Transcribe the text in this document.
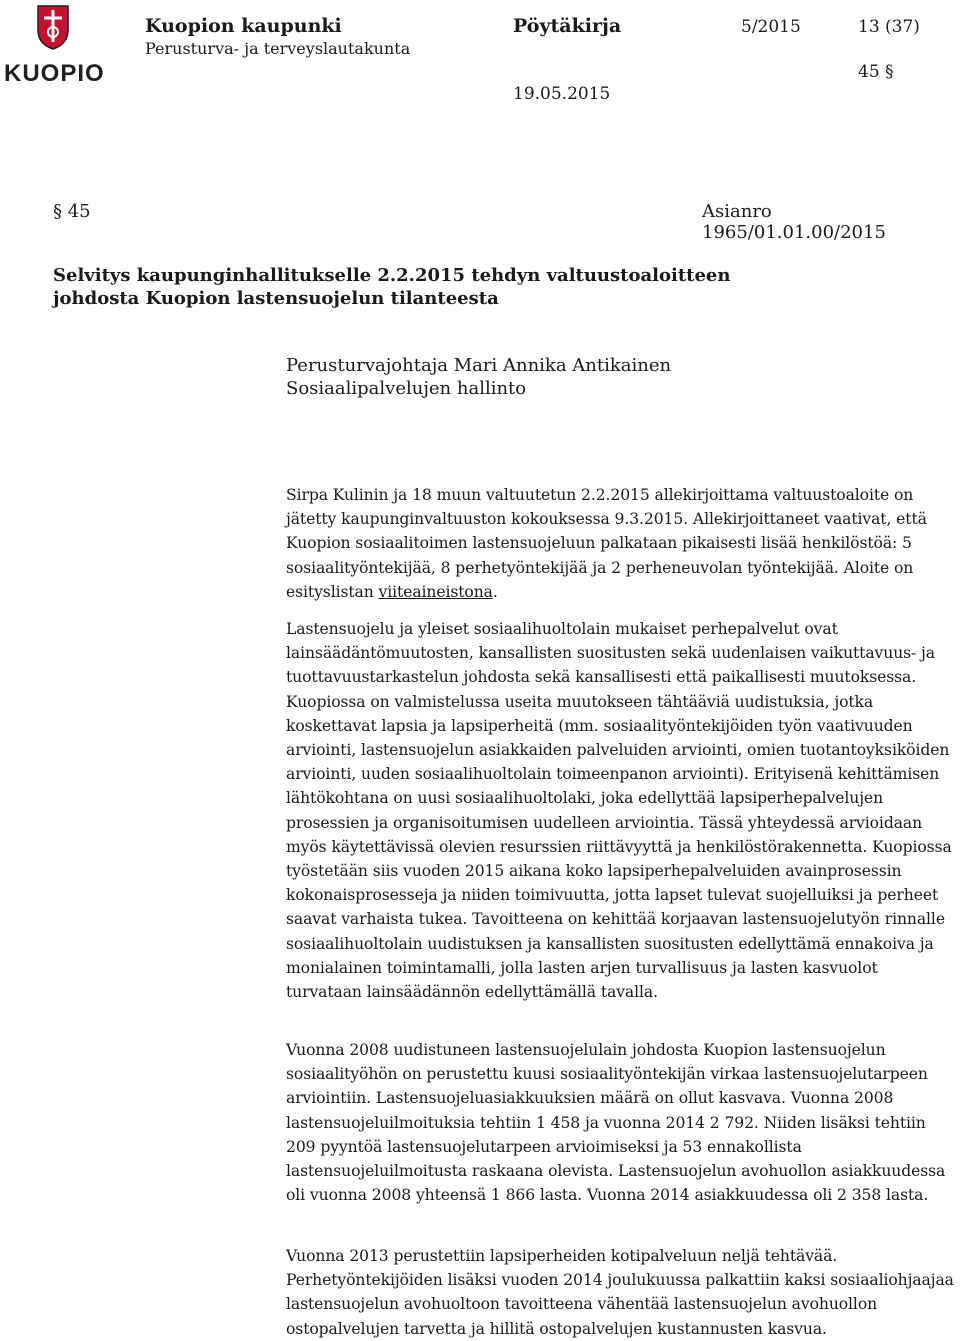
KUOPIO
Kuopion kaupunki
Perusturva- ja terveyslautakunta
Pöytäkirja	5/2015	13 (37)
45 §
19.05.2015
§ 45	Asianro 1965/01.01.00/2015
Selvitys kaupunginhallitukselle 2.2.2015 tehdyn valtuustoaloitteen johdosta Kuopion lastensuojelun tilanteesta
Perusturvajohtaja Mari Annika Antikainen
Sosiaalipalvelujen hallinto

Sirpa Kulinin ja 18 muun valtuutetun 2.2.2015 allekirjoittama valtuustoaloite on jätetty kaupunginvaltuuston kokouksessa 9.3.2015. Allekirjoittaneet vaativat, että Kuopion sosiaalitoimen lastensuojeluun palkataan pikaisesti lisää henkilöstöä: 5 sosiaalityöntekijää, 8 perhetyöntekijää ja 2 perheneuvolan työntekijää. Aloite on esityslistan viiteaineistona.

Lastensuojelu ja yleiset sosiaalihuoltolain mukaiset perhepalvelut ovat lainsäädäntömuutosten, kansallisten suositusten sekä uudenlaisen vaikuttavuus- ja tuottavuustarkastelun johdosta sekä kansallisesti että paikallisesti muutoksessa. Kuopiossa on valmistelussa useita muutokseen tähtääviä uudistuksia, jotka koskettavat lapsia ja lapsiperheitä (mm. sosiaalityöntekijöiden työn vaativuuden arviointi, lastensuojelun asiakkaiden palveluiden arviointi, omien tuotantoyksiköiden arviointi, uuden sosiaalihuoltolain toimeenpanon arviointi). Erityisenä kehittämisen lähtökohtana on uusi sosiaalihuoltolaki, joka edellyttää lapsiperhepalvelujen prosessien ja organisoitumisen uudelleen arviointia. Tässä yhteydessä arvioidaan myös käytettävissä olevien resurssien riittävyyttä ja henkilöstörakennetta. Kuopiossa työstetään siis vuoden 2015 aikana koko lapsiperhepalveluiden avainprosessin kokonaisprosesseja ja niiden toimivuutta, jotta lapset tulevat suojelluiksi ja perheet saavat varhaista tukea. Tavoitteena on kehittää korjaavan lastensuojelutyön rinnalle sosiaalihuoltolain uudistuksen ja kansallisten suositusten edellyttämä ennakoiva ja monialainen toimintamalli, jolla lasten arjen turvallisuus ja lasten kasvuolot turvataan lainsäädännön edellyttämällä tavalla.

Vuonna 2008 uudistuneen lastensuojelulain johdosta Kuopion lastensuojelun sosiaalityöhön on perustettu kuusi sosiaalityöntekijän virkaa lastensuojelutarpeen arviointiin. Lastensuojeluasiakkuuksien määrä on ollut kasvava. Vuonna 2008 lastensuojeluilmoituksia tehtiin 1 458 ja vuonna 2014 2 792. Niiden lisäksi tehtiin 209 pyyntöä lastensuojelutarpeen arvioimiseksi ja 53 ennakollista lastensuojeluilmoitusta raskaana olevista. Lastensuojelun avohuollon asiakkuudessa oli vuonna 2008 yhteensä 1 866 lasta. Vuonna 2014 asiakkuudessa oli 2 358 lasta.

Vuonna 2013 perustettiin lapsiperheiden kotipalveluun neljä tehtävää. Perhetyöntekijöiden lisäksi vuoden 2014 joulukuussa palkattiin kaksi sosiaaliohjaajaa lastensuojelun avohuoltoon tavoitteena vähentää lastensuojelun avohuollon ostopalvelujen tarvetta ja hillitä ostopalvelujen kustannusten kasvua.
